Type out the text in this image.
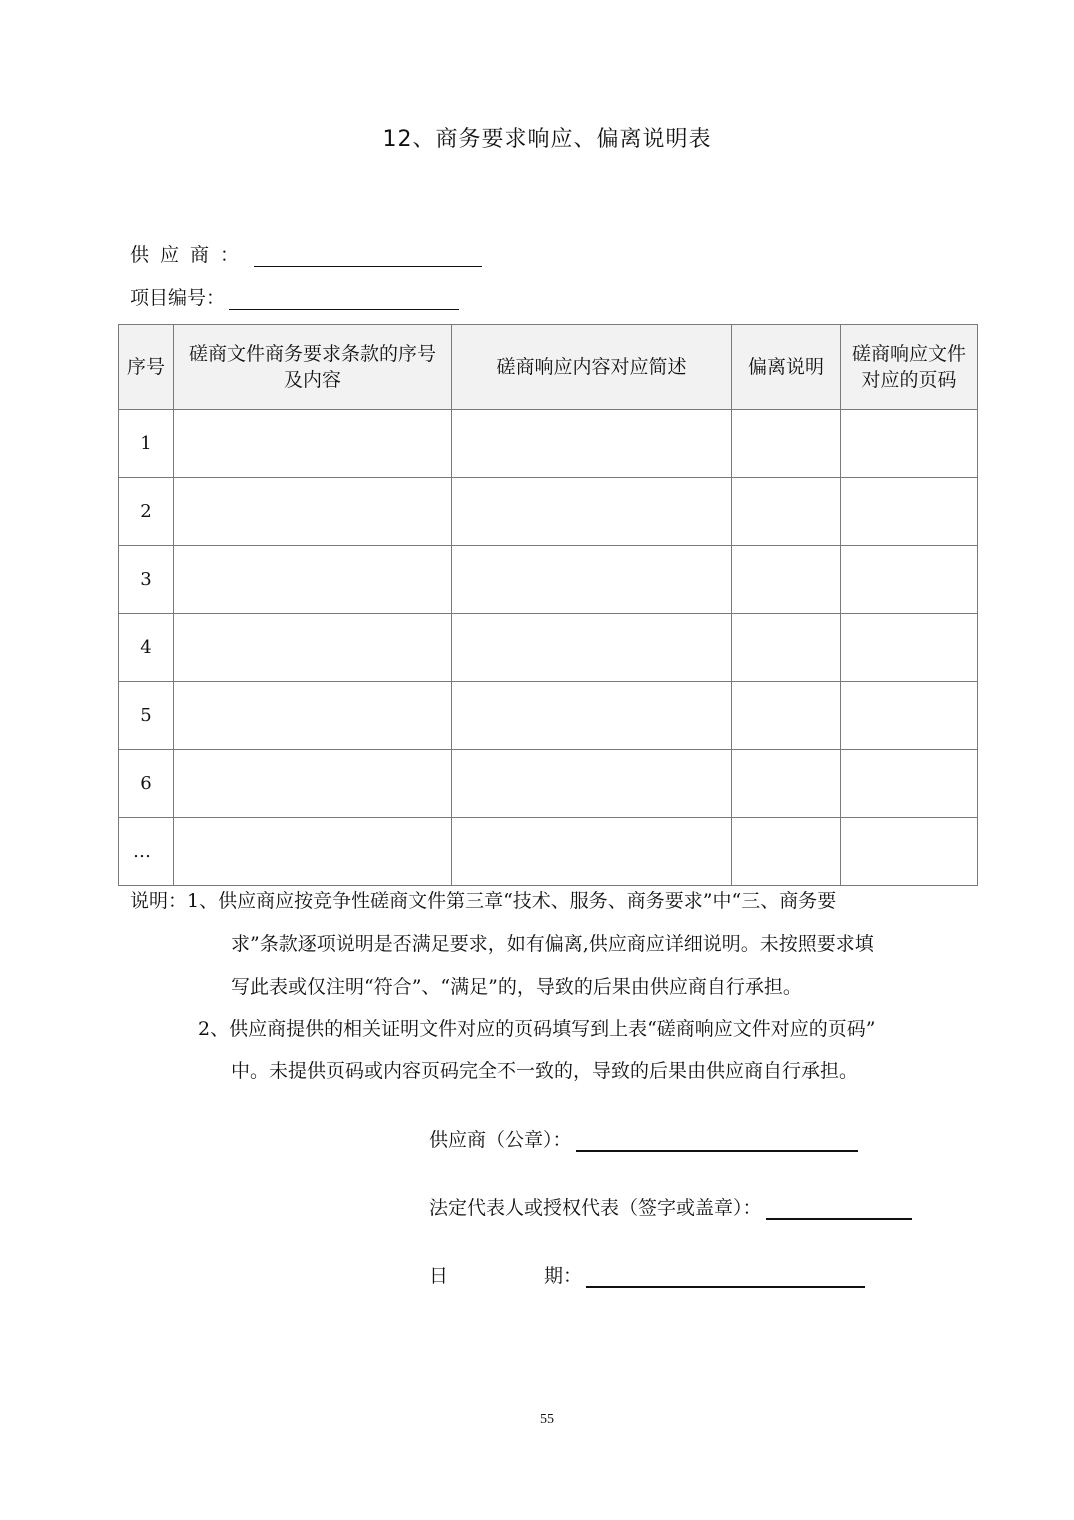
12、商务要求响应、偏离说明表
供应商：
项目编号：
序号	磋商文件商务要求条款的序号及内容	磋商响应内容对应简述	偏离说明	磋商响应文件对应的页码

1				
2				
3				
4				
5				
6				
…				
说明：1、供应商应按竞争性磋商文件第三章“技术、服务、商务要求”中“三、商务要
求”条款逐项说明是否满足要求，如有偏离,供应商应详细说明。未按照要求填
写此表或仅注明“符合”、“满足”的，导致的后果由供应商自行承担。
2、供应商提供的相关证明文件对应的页码填写到上表“磋商响应文件对应的页码”
中。未提供页码或内容页码完全不一致的，导致的后果由供应商自行承担。
供应商（公章）：
法定代表人或授权代表（签字或盖章）：
日	期：
55
